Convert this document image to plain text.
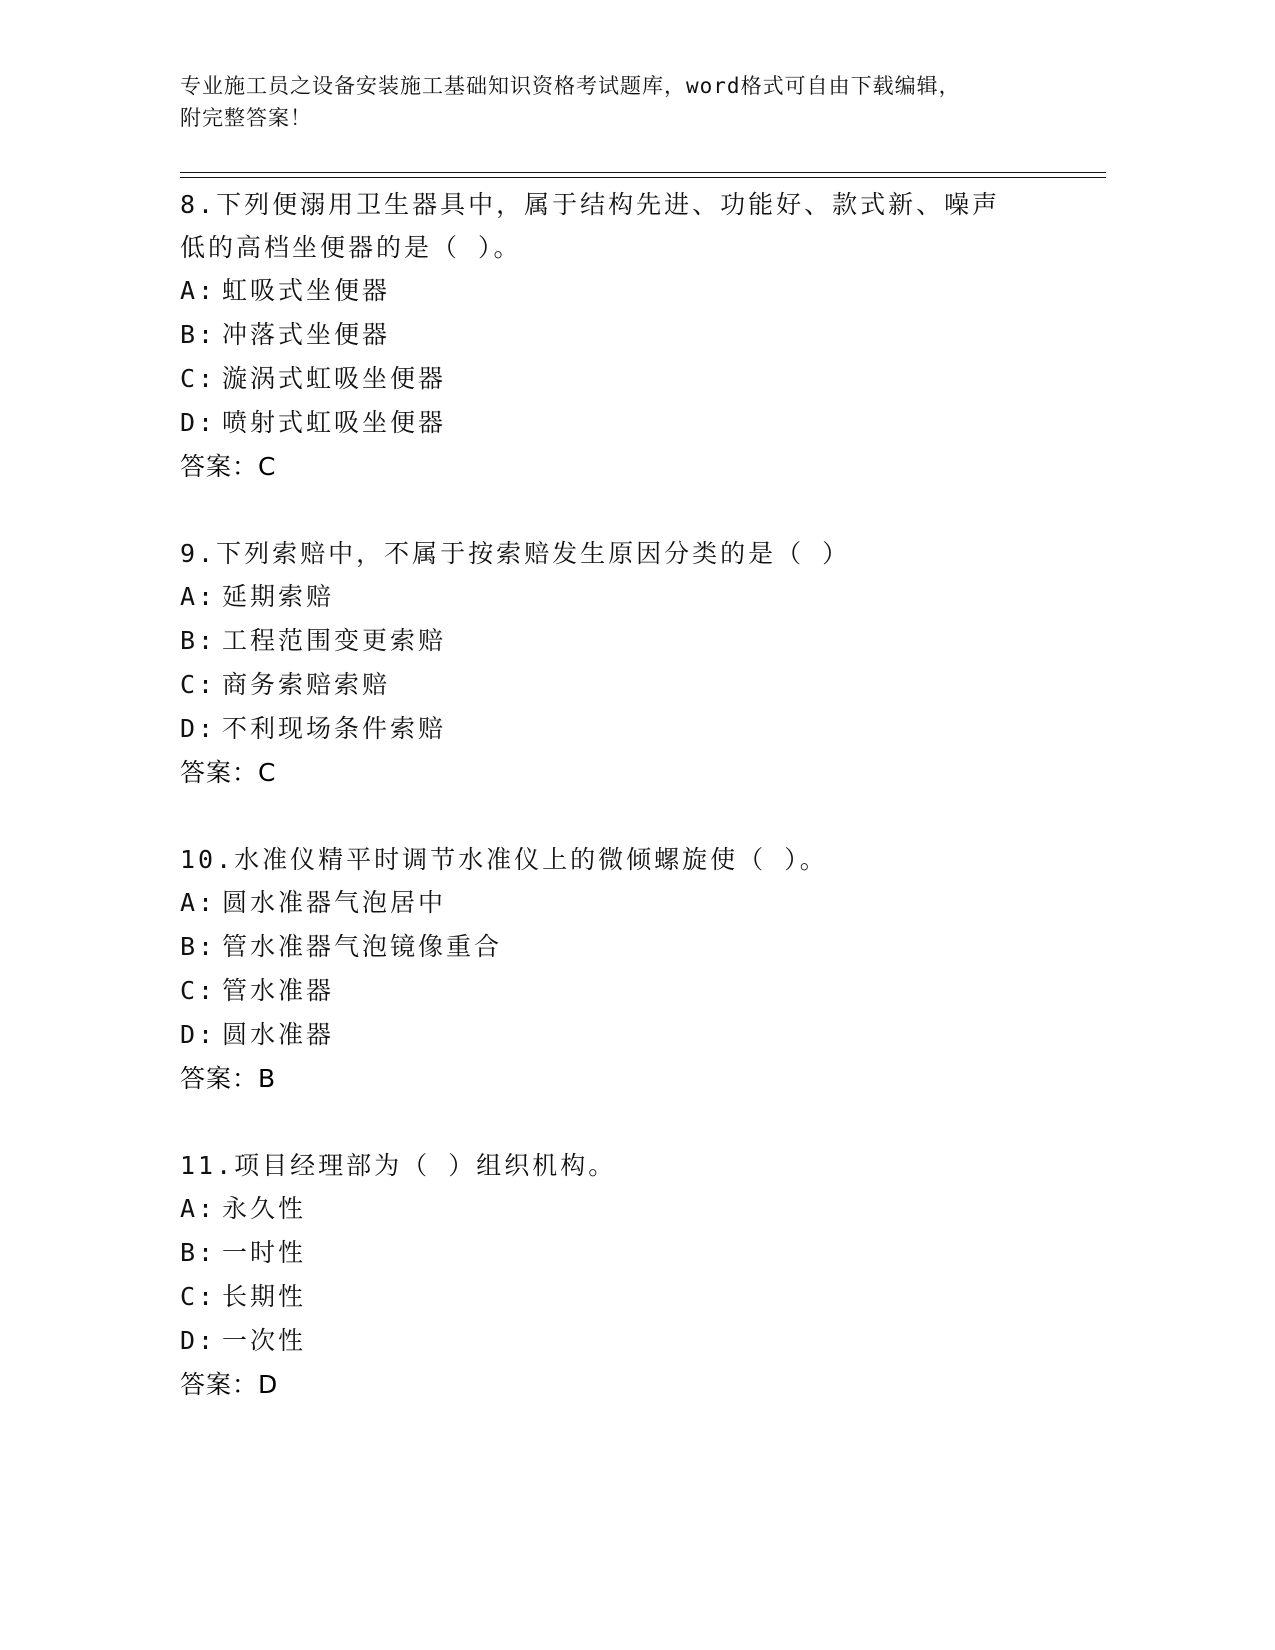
专业施工员之设备安装施工基础知识资格考试题库，word格式可自由下载编辑，
附完整答案！

8.下列便溺用卫生器具中，属于结构先进、功能好、款式新、噪声低的高档坐便器的是（ ）。

A: 虹吸式坐便器

B: 冲落式坐便器

C: 漩涡式虹吸坐便器

D: 喷射式虹吸坐便器

答案：C

9.下列索赔中，不属于按索赔发生原因分类的是（ ）

A: 延期索赔

B: 工程范围变更索赔

C: 商务索赔索赔

D: 不利现场条件索赔

答案：C

10.水准仪精平时调节水准仪上的微倾螺旋使（ ）。

A: 圆水准器气泡居中

B: 管水准器气泡镜像重合

C: 管水准器

D: 圆水准器

答案：B

11.项目经理部为（ ）组织机构。

A: 永久性

B: 一时性

C: 长期性

D: 一次性

答案：D
